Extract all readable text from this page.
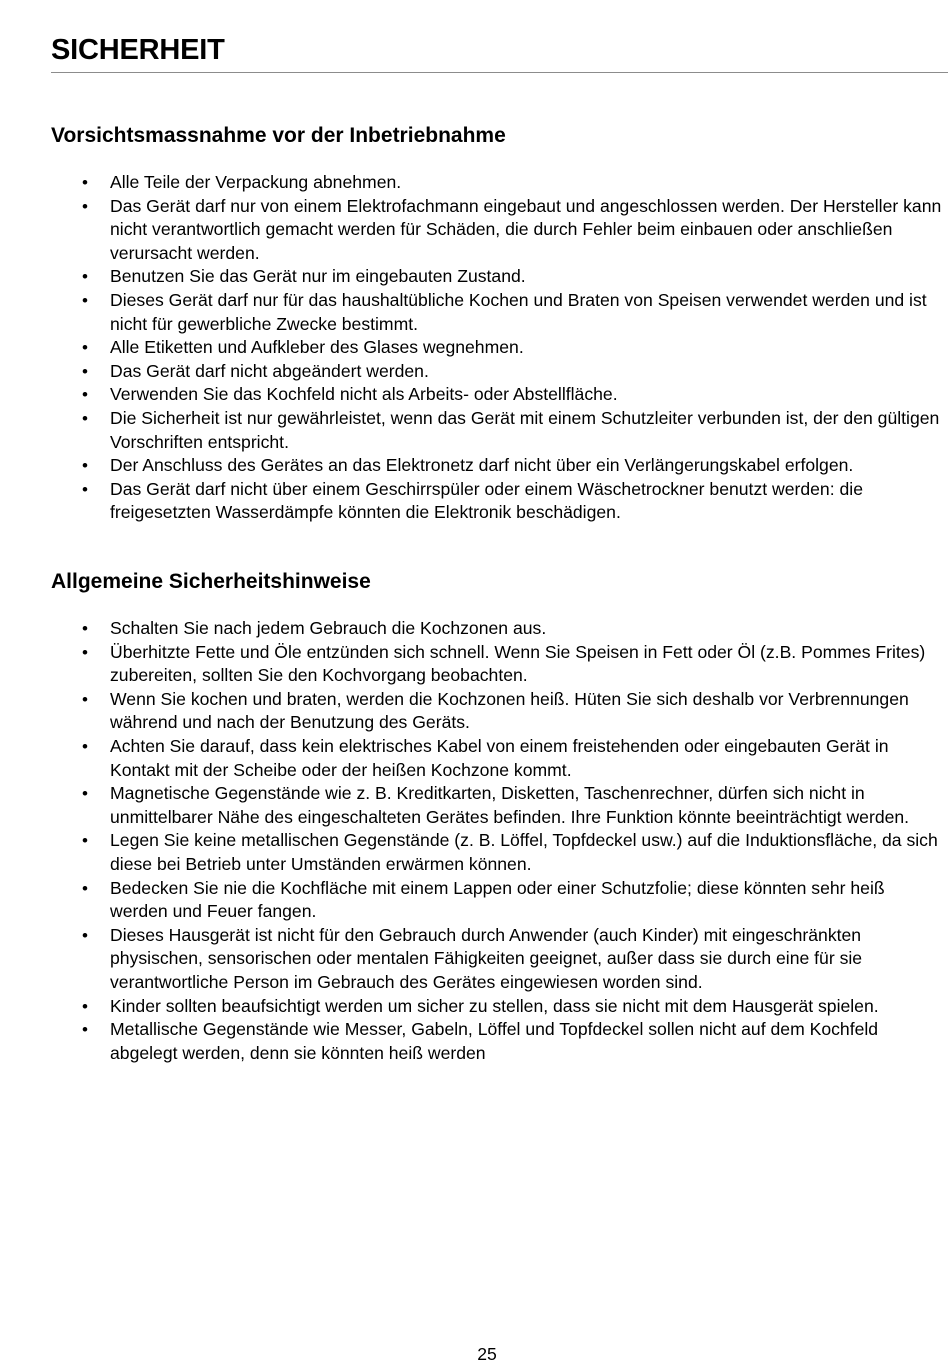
SICHERHEIT
Vorsichtsmassnahme vor der Inbetriebnahme
• Alle Teile der Verpackung abnehmen.
• Das Gerät darf nur von einem Elektrofachmann eingebaut und angeschlossen werden. Der Hersteller kann nicht verantwortlich gemacht werden für Schäden, die durch Fehler beim einbauen oder anschließen verursacht werden.
• Benutzen Sie das Gerät nur im eingebauten Zustand.
• Dieses Gerät darf nur für das haushaltübliche Kochen und Braten von Speisen verwendet werden und ist nicht für gewerbliche Zwecke bestimmt.
• Alle Etiketten und Aufkleber des Glases wegnehmen.
• Das Gerät darf nicht abgeändert werden.
• Verwenden Sie das Kochfeld nicht als Arbeits- oder Abstellfläche.
• Die Sicherheit ist nur gewährleistet, wenn das Gerät mit einem Schutzleiter verbunden ist, der den gültigen Vorschriften entspricht.
• Der Anschluss des Gerätes an das Elektronetz darf nicht über ein Verlängerungskabel erfolgen.
• Das Gerät darf nicht über einem Geschirrspüler oder einem Wäschetrockner benutzt werden: die freigesetzten Wasserdämpfe könnten die Elektronik beschädigen.
Allgemeine Sicherheitshinweise
• Schalten Sie nach jedem Gebrauch die Kochzonen aus.
• Überhitzte Fette und Öle entzünden sich schnell. Wenn Sie Speisen in Fett oder Öl (z.B. Pommes Frites) zubereiten, sollten Sie den Kochvorgang beobachten.
• Wenn Sie kochen und braten, werden die Kochzonen heiß. Hüten Sie sich deshalb vor Verbrennungen während und nach der Benutzung des Geräts.
• Achten Sie darauf, dass kein elektrisches Kabel von einem freistehenden oder eingebauten Gerät in Kontakt mit der Scheibe oder der heißen Kochzone kommt.
• Magnetische Gegenstände wie z. B. Kreditkarten, Disketten, Taschenrechner, dürfen sich nicht in unmittelbarer Nähe des eingeschalteten Gerätes befinden. Ihre Funktion könnte beeinträchtigt werden.
• Legen Sie keine metallischen Gegenstände (z. B. Löffel, Topfdeckel usw.) auf die Induktionsfläche, da sich diese bei Betrieb unter Umständen erwärmen können.
• Bedecken Sie nie die Kochfläche mit einem Lappen oder einer Schutzfolie; diese könnten sehr heiß werden und Feuer fangen.
• Dieses Hausgerät ist nicht für den Gebrauch durch Anwender (auch Kinder) mit eingeschränkten physischen, sensorischen oder mentalen Fähigkeiten geeignet, außer dass sie durch eine für sie verantwortliche Person im Gebrauch des Gerätes eingewiesen worden sind.
• Kinder sollten beaufsichtigt werden um sicher zu stellen, dass sie nicht mit dem Hausgerät spielen.
• Metallische Gegenstände wie Messer, Gabeln, Löffel und Topfdeckel sollen nicht auf dem Kochfeld abgelegt werden, denn sie könnten heiß werden
25
